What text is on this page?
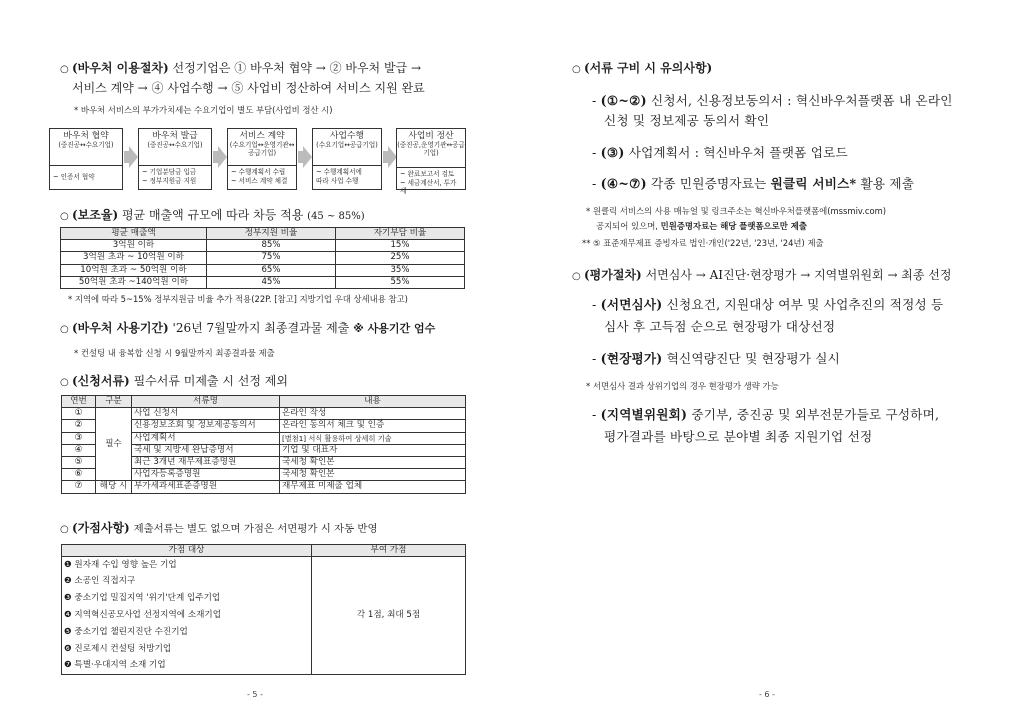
○ (바우처 이용절차) 선정기업은 ① 바우처 협약 → ② 바우처 발급 →
서비스 계약 → ④ 사업수행 → ⑤ 사업비 정산하여 서비스 지원 완료
* 바우처 서비스의 부가가치세는 수요기업이 별도 부담(사업비 정산 시)
바우처 협약
(중진공↔수요기업)
~ 인증서 협약
바우처 발급
(중진공↔수요기업)
~ 기업분담금 입금
~ 정부지원금 지원
서비스 계약
(수요기업↔운영기관↔공급기업)
~ 수행계획서 수립
~ 서비스 계약 체결
사업수행
(수요기업↔공급기업)
~ 수행계획서에
따라 사업 수행
사업비 정산
(중진공,운영기관↔공급기업)
~ 완료보고서 검토
~ 세금계산서, 투가세
○ (보조율) 평균 매출액 규모에 따라 차등 적용 (45 ~ 85%)
평균 매출액	정부지원 비율	자기부담 비율
3억원 이하	85%	15%
3억원 초과 ~ 10억원 이하	75%	25%
10억원 초과 ~ 50억원 이하	65%	35%
50억원 초과 ~140억원 이하	45%	55%
* 지역에 따라 5~15% 정부지원금 비율 추가 적용(22P. [참고] 지방기업 우대 상세내용 참고)
○ (바우처 사용기간) '26년 7월말까지 최종결과물 제출 ※ 사용기간 엄수
* 컨설팅 내 융복합 신청 시 9월말까지 최종결과물 제출
○ (신청서류) 필수서류 미제출 시 선정 제외
연번	구분	서류명	내용
①	필수	사업 신청서	온라인 작성
②		신용정보조회 및 정보제공동의서	온라인 동의서 체크 및 인증
③		사업계획서	[별첨1] 서식 활용하여 상세히 기술
④		국세 및 지방세 완납증명서	기업 및 대표자
⑤		최근 3개년 재무제표증명원	국세청 확인본
⑥		사업자등록증명원	국세청 확인본
⑦	해당 시	부가세과세표준증명원	재무제표 미제출 업체
○ (가점사항) 제출서류는 별도 없으며 가점은 서면평가 시 자동 반영
가점 대상	부여 가점
❶ 원자재 수입 영향 높은 기업	각 1점, 최대 5점
❷ 소공인 직접지구	
❸ 중소기업 밀집지역 '위기'단계 입주기업	
❹ 지역혁신공모사업 선정지역에 소재기업	
❺ 중소기업 챌린지진단 수진기업	
❻ 진로제시 컨설팅 처방기업	
❼ 특별·우대지역 소재 기업	
- 5 -
○ (서류 구비 시 유의사항)
- (①~②) 신청서, 신용정보동의서 : 혁신바우처플랫폼 내 온라인
신청 및 정보제공 동의서 확인
- (③) 사업계획서 : 혁신바우처 플랫폼 업로드
- (④~⑦) 각종 민원증명자료는 원클릭 서비스* 활용 제출
* 원클릭 서비스의 사용 매뉴얼 및 링크주소는 혁신바우처플랫폼에(mssmiv.com)
공지되어 있으며, 민원증명자료는 해당 플랫폼으로만 제출
** ⑤ 표준재무제표 증빙자료 법인·개인('22년, '23년, '24년) 제출
○ (평가절차) 서면심사 → AI진단·현장평가 → 지역별위원회 → 최종 선정
- (서면심사) 신청요건, 지원대상 여부 및 사업추진의 적정성 등
심사 후 고득점 순으로 현장평가 대상선정
- (현장평가) 혁신역량진단 및 현장평가 실시
* 서면심사 결과 상위기업의 경우 현장평가 생략 가능
- (지역별위원회) 중기부, 중진공 및 외부전문가들로 구성하며,
평가결과를 바탕으로 분야별 최종 지원기업 선정
- 6 -
